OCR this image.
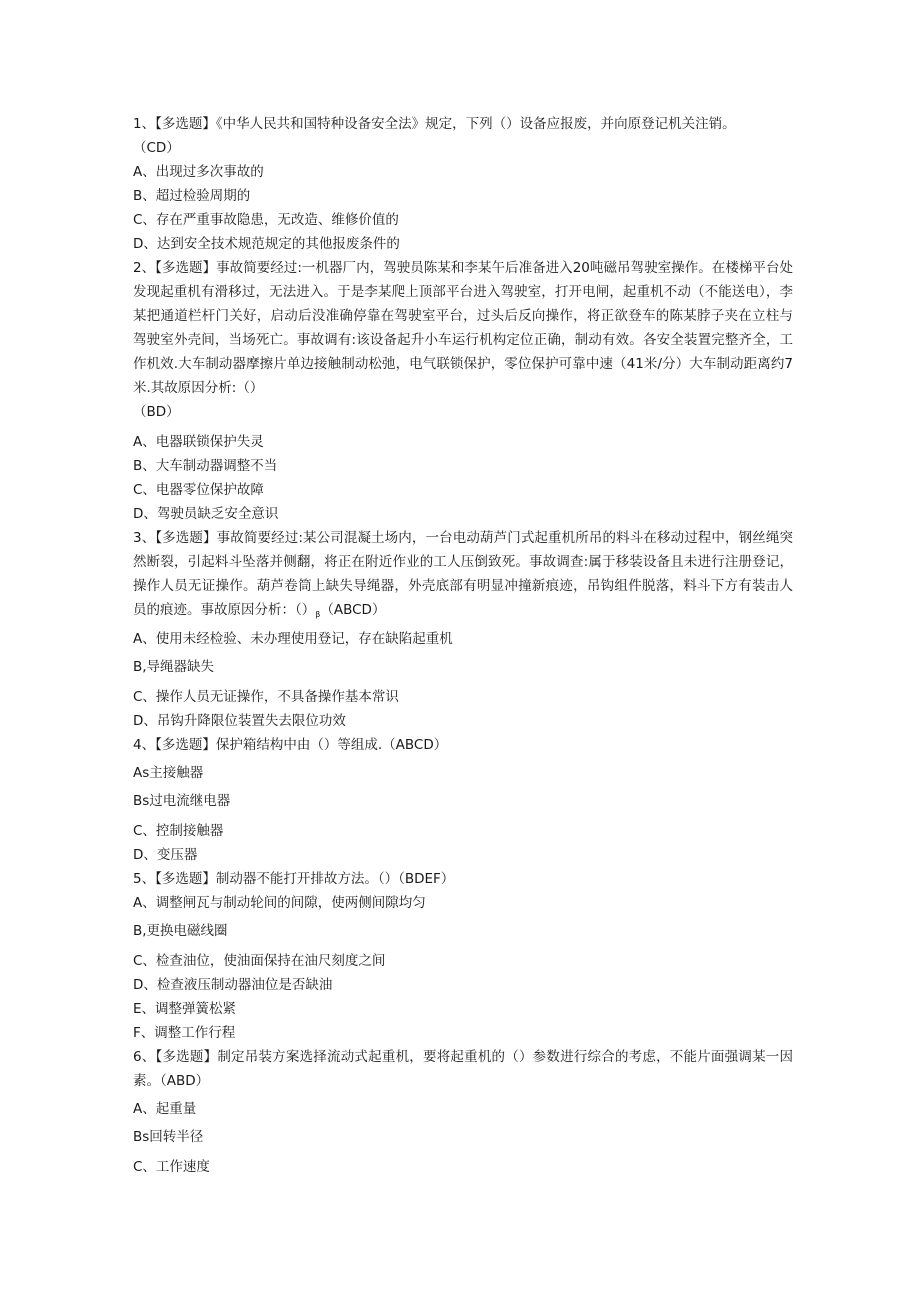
1、【多选题】《中华人民共和国特种设备安全法》规定，下列（）设备应报废，并向原登记机关注销。

（CD）

A、出现过多次事故的

B、超过检验周期的

C、存在严重事故隐患，无改造、维修价值的

D、达到安全技术规范规定的其他报废条件的

2、【多选题】事故简要经过:一机器厂内，驾驶员陈某和李某午后准备进入20吨磁吊驾驶室操作。在楼梯平台处发现起重机有滑移过，无法进入。于是李某爬上顶部平台进入驾驶室，打开电闸，起重机不动（不能送电），李某把通道栏杆门关好，启动后没准确停靠在驾驶室平台，过头后反向操作，将正欲登车的陈某脖子夹在立柱与驾驶室外壳间，当场死亡。事故调有:该设备起升小车运行机构定位正确，制动有效。各安全装置完整齐全，工作机效.大车制动器摩擦片单边接触制动松弛，电气联锁保护，零位保护可靠中速（41米/分）大车制动距离约7米.其故原因分析:（）

（BD）

A、电器联锁保护失灵

B、大车制动器调整不当

C、电器零位保护故障

D、驾驶员缺乏安全意识

3、【多选题】事故简要经过:某公司混凝土场内，一台电动葫芦门式起重机所吊的料斗在移动过程中，钢丝绳突然断裂，引起料斗坠落并侧翻，将正在附近作业的工人压倒致死。事故调查:属于移装设备且未进行注册登记，操作人员无证操作。葫芦卷筒上缺失导绳器，外壳底部有明显冲撞新痕迹，吊钩组件脱落，料斗下方有装击人员的痕迹。事故原因分析：$()_\beta(ABCD)$

A、使用未经检验、未办理使用登记，存在缺陷起重机

B,导绳器缺失

C、操作人员无证操作，不具备操作基本常识

D、吊钩升降限位装置失去限位功效

4、【多选题】保护箱结构中由（）等组成.（ABCD）

As主接触器

Bs过电流继电器

C、控制接触器

D、变压器

5、【多选题】制动器不能打开排故方法。（）（BDEF）

A、调整闸瓦与制动轮间的间隙，使两侧间隙均匀

B,更换电磁线圈

C、检查油位，使油面保持在油尺刻度之间

D、检查液压制动器油位是否缺油

E、调整弹簧松紧

F、调整工作行程

6、【多选题】制定吊装方案选择流动式起重机，要将起重机的（）参数进行综合的考虑，不能片面强调某一因素。（ABD）

A、起重量

Bs回转半径

C、工作速度
